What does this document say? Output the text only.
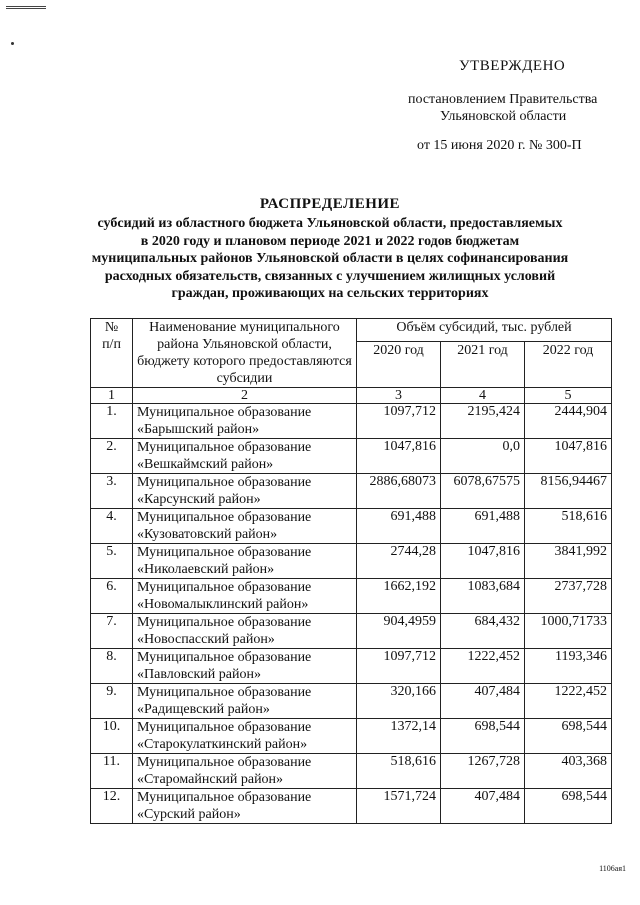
УТВЕРЖДЕНО
постановлением Правительства
Ульяновской области
от 15 июня 2020 г. № 300-П
РАСПРЕДЕЛЕНИЕ
субсидий из областного бюджета Ульяновской области, предоставляемых
в 2020 году и плановом периоде 2021 и 2022 годов бюджетам
муниципальных районов Ульяновской области в целях софинансирования
расходных обязательств, связанных с улучшением жилищных условий
граждан, проживающих на сельских территориях
№
п/п	Наименование муниципального района Ульяновской области, бюджету которого предоставляются субсидии	Объём субсидий, тыс. рублей		
		2020 год	2021 год	2022 год
1	2	3	4	5
1.	Муниципальное образование «Барышский район»	1097,712	2195,424	2444,904
2.	Муниципальное образование «Вешкаймский район»	1047,816	0,0	1047,816
3.	Муниципальное образование «Карсунский район»	2886,68073	6078,67575	8156,94467
4.	Муниципальное образование «Кузоватовский район»	691,488	691,488	518,616
5.	Муниципальное образование «Николаевский район»	2744,28	1047,816	3841,992
6.	Муниципальное образование «Новомалыклинский район»	1662,192	1083,684	2737,728
7.	Муниципальное образование «Новоспасский район»	904,4959	684,432	1000,71733
8.	Муниципальное образование «Павловский район»	1097,712	1222,452	1193,346
9.	Муниципальное образование «Радищевский район»	320,166	407,484	1222,452
10.	Муниципальное образование «Старокулаткинский район»	1372,14	698,544	698,544
11.	Муниципальное образование «Старомайнский район»	518,616	1267,728	403,368
12.	Муниципальное образование «Сурский район»	1571,724	407,484	698,544
1106ая1
